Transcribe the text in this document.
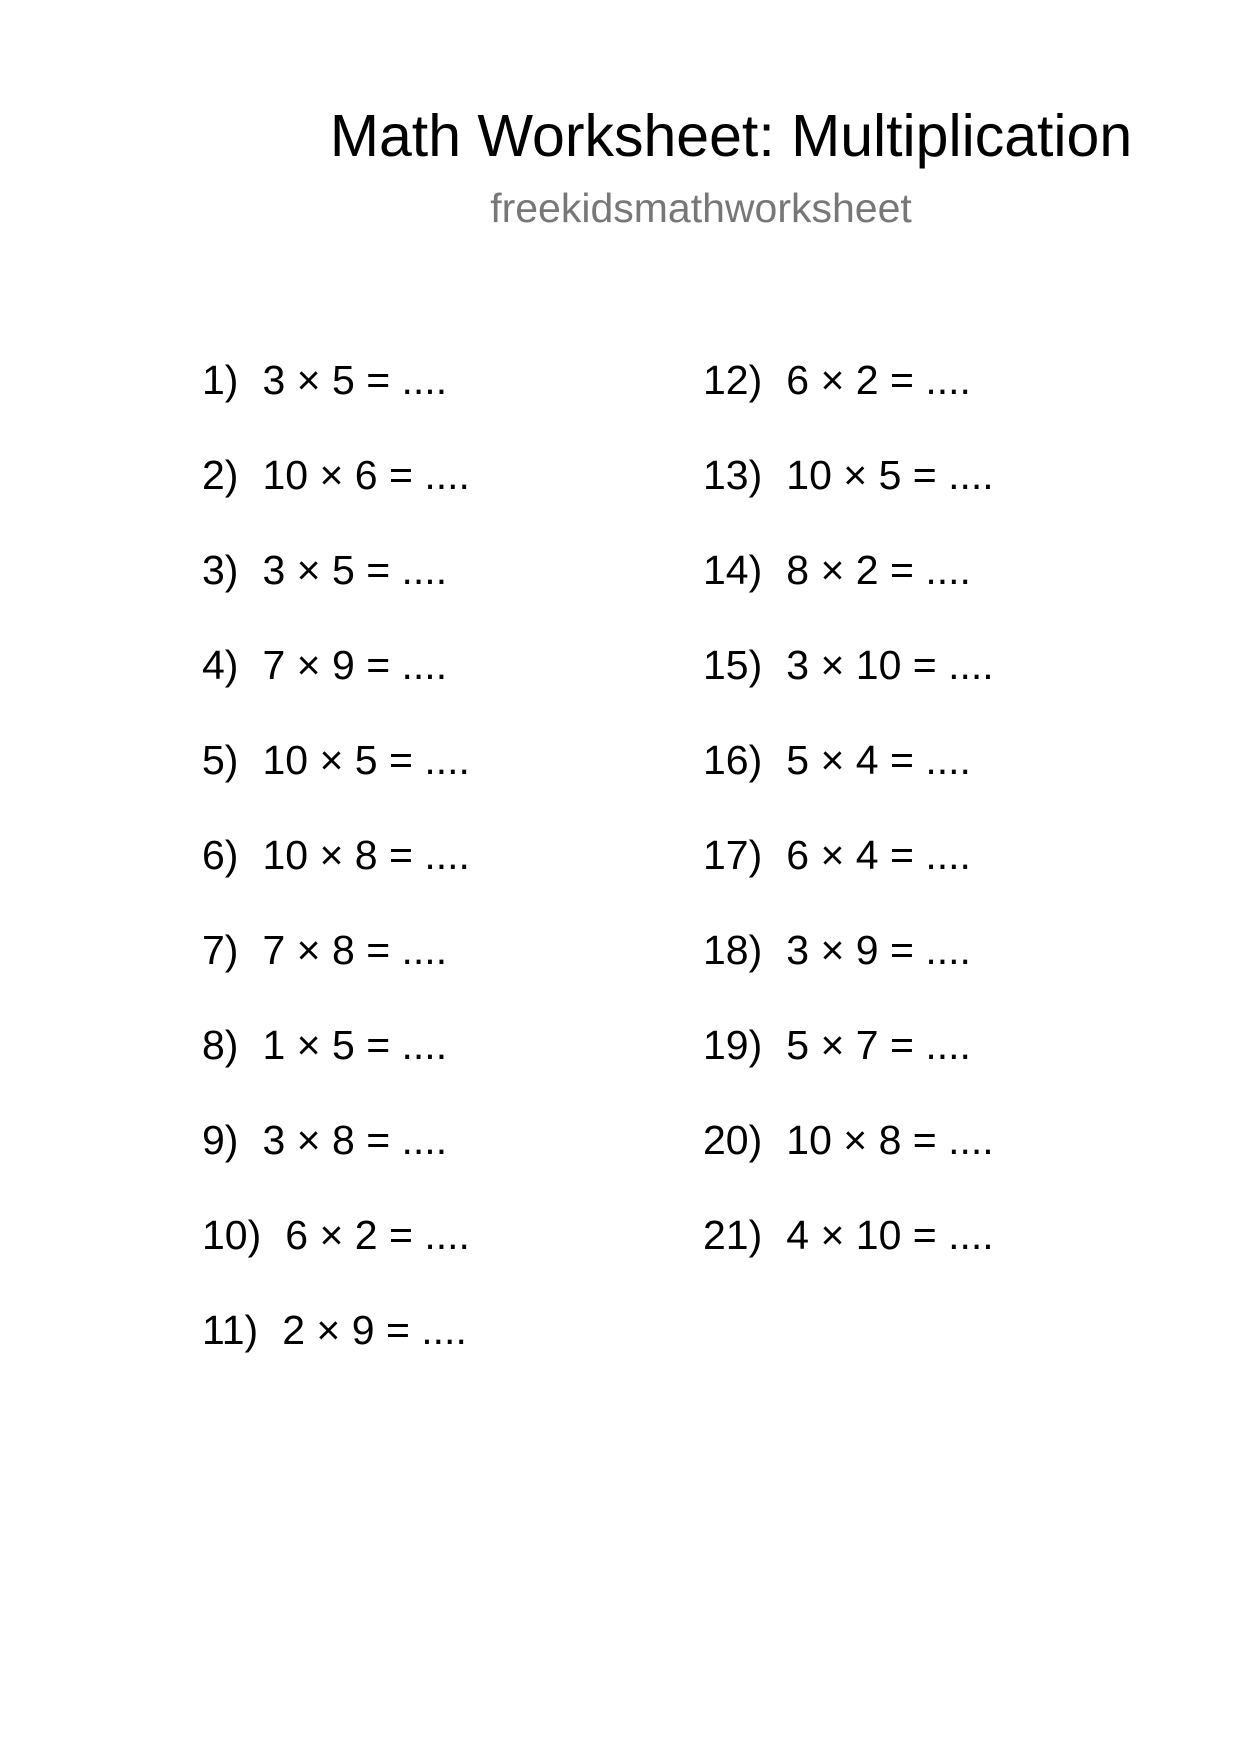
Math Worksheet: Multiplication
freekidsmathworksheet
1) 3 × 5 = ....
2) 10 × 6 = ....
3) 3 × 5 = ....
4) 7 × 9 = ....
5) 10 × 5 = ....
6) 10 × 8 = ....
7) 7 × 8 = ....
8) 1 × 5 = ....
9) 3 × 8 = ....
10) 6 × 2 = ....
11) 2 × 9 = ....
12) 6 × 2 = ....
13) 10 × 5 = ....
14) 8 × 2 = ....
15) 3 × 10 = ....
16) 5 × 4 = ....
17) 6 × 4 = ....
18) 3 × 9 = ....
19) 5 × 7 = ....
20) 10 × 8 = ....
21) 4 × 10 = ....
